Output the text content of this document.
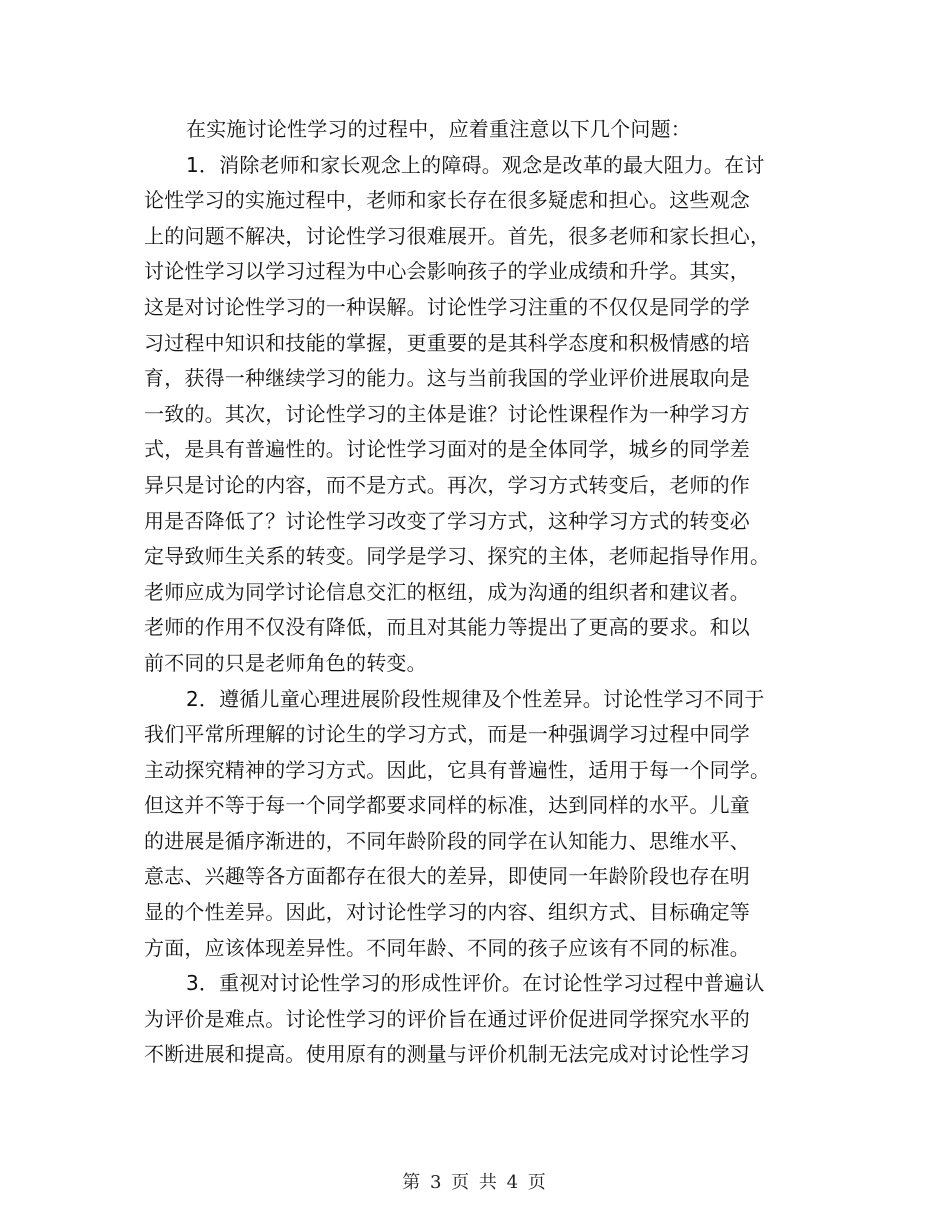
在实施讨论性学习的过程中，应着重注意以下几个问题：
1．消除老师和家长观念上的障碍。观念是改革的最大阻力。在讨
论性学习的实施过程中，老师和家长存在很多疑虑和担心。这些观念
上的问题不解决，讨论性学习很难展开。首先，很多老师和家长担心，
讨论性学习以学习过程为中心会影响孩子的学业成绩和升学。其实，
这是对讨论性学习的一种误解。讨论性学习注重的不仅仅是同学的学
习过程中知识和技能的掌握，更重要的是其科学态度和积极情感的培
育，获得一种继续学习的能力。这与当前我国的学业评价进展取向是
一致的。其次，讨论性学习的主体是谁？讨论性课程作为一种学习方
式，是具有普遍性的。讨论性学习面对的是全体同学，城乡的同学差
异只是讨论的内容，而不是方式。再次，学习方式转变后，老师的作
用是否降低了？讨论性学习改变了学习方式，这种学习方式的转变必
定导致师生关系的转变。同学是学习、探究的主体，老师起指导作用。
老师应成为同学讨论信息交汇的枢纽，成为沟通的组织者和建议者。
老师的作用不仅没有降低，而且对其能力等提出了更高的要求。和以
前不同的只是老师角色的转变。
2．遵循儿童心理进展阶段性规律及个性差异。讨论性学习不同于
我们平常所理解的讨论生的学习方式，而是一种强调学习过程中同学
主动探究精神的学习方式。因此，它具有普遍性，适用于每一个同学。
但这并不等于每一个同学都要求同样的标准，达到同样的水平。儿童
的进展是循序渐进的，不同年龄阶段的同学在认知能力、思维水平、
意志、兴趣等各方面都存在很大的差异，即使同一年龄阶段也存在明
显的个性差异。因此，对讨论性学习的内容、组织方式、目标确定等
方面，应该体现差异性。不同年龄、不同的孩子应该有不同的标准。
3．重视对讨论性学习的形成性评价。在讨论性学习过程中普遍认
为评价是难点。讨论性学习的评价旨在通过评价促进同学探究水平的
不断进展和提高。使用原有的测量与评价机制无法完成对讨论性学习
第 3 页 共 4 页
